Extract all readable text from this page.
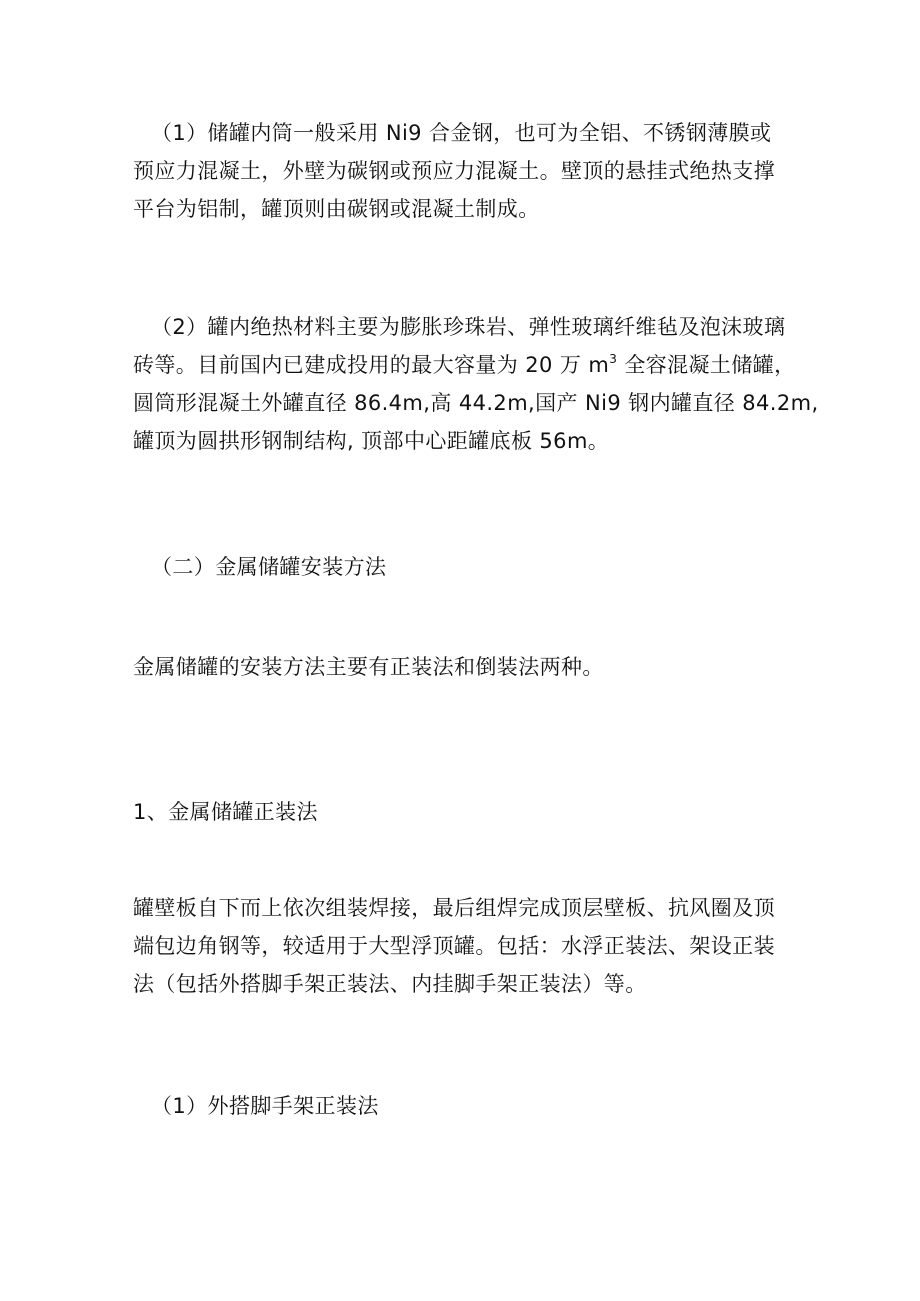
（1）储罐内筒一般采用 Ni9 合金钢，也可为全铝、不锈钢薄膜或
预应力混凝土，外壁为碳钢或预应力混凝土。壁顶的悬挂式绝热支撑
平台为铝制，罐顶则由碳钢或混凝土制成。

（2）罐内绝热材料主要为膨胀珍珠岩、弹性玻璃纤维毡及泡沫玻璃
砖等。目前国内已建成投用的最大容量为 20 万 $m^3$ 全容混凝土储罐，
圆筒形混凝土外罐直径 86.4m,高 44.2m,国产 Ni9 钢内罐直径 84.2m,
罐顶为圆拱形钢制结构, 顶部中心距罐底板 56m。

（二）金属储罐安装方法

金属储罐的安装方法主要有正装法和倒装法两种。

1、金属储罐正装法

罐壁板自下而上依次组装焊接，最后组焊完成顶层壁板、抗风圈及顶
端包边角钢等，较适用于大型浮顶罐。包括：水浮正装法、架设正装
法（包括外搭脚手架正装法、内挂脚手架正装法）等。

（1）外搭脚手架正装法
